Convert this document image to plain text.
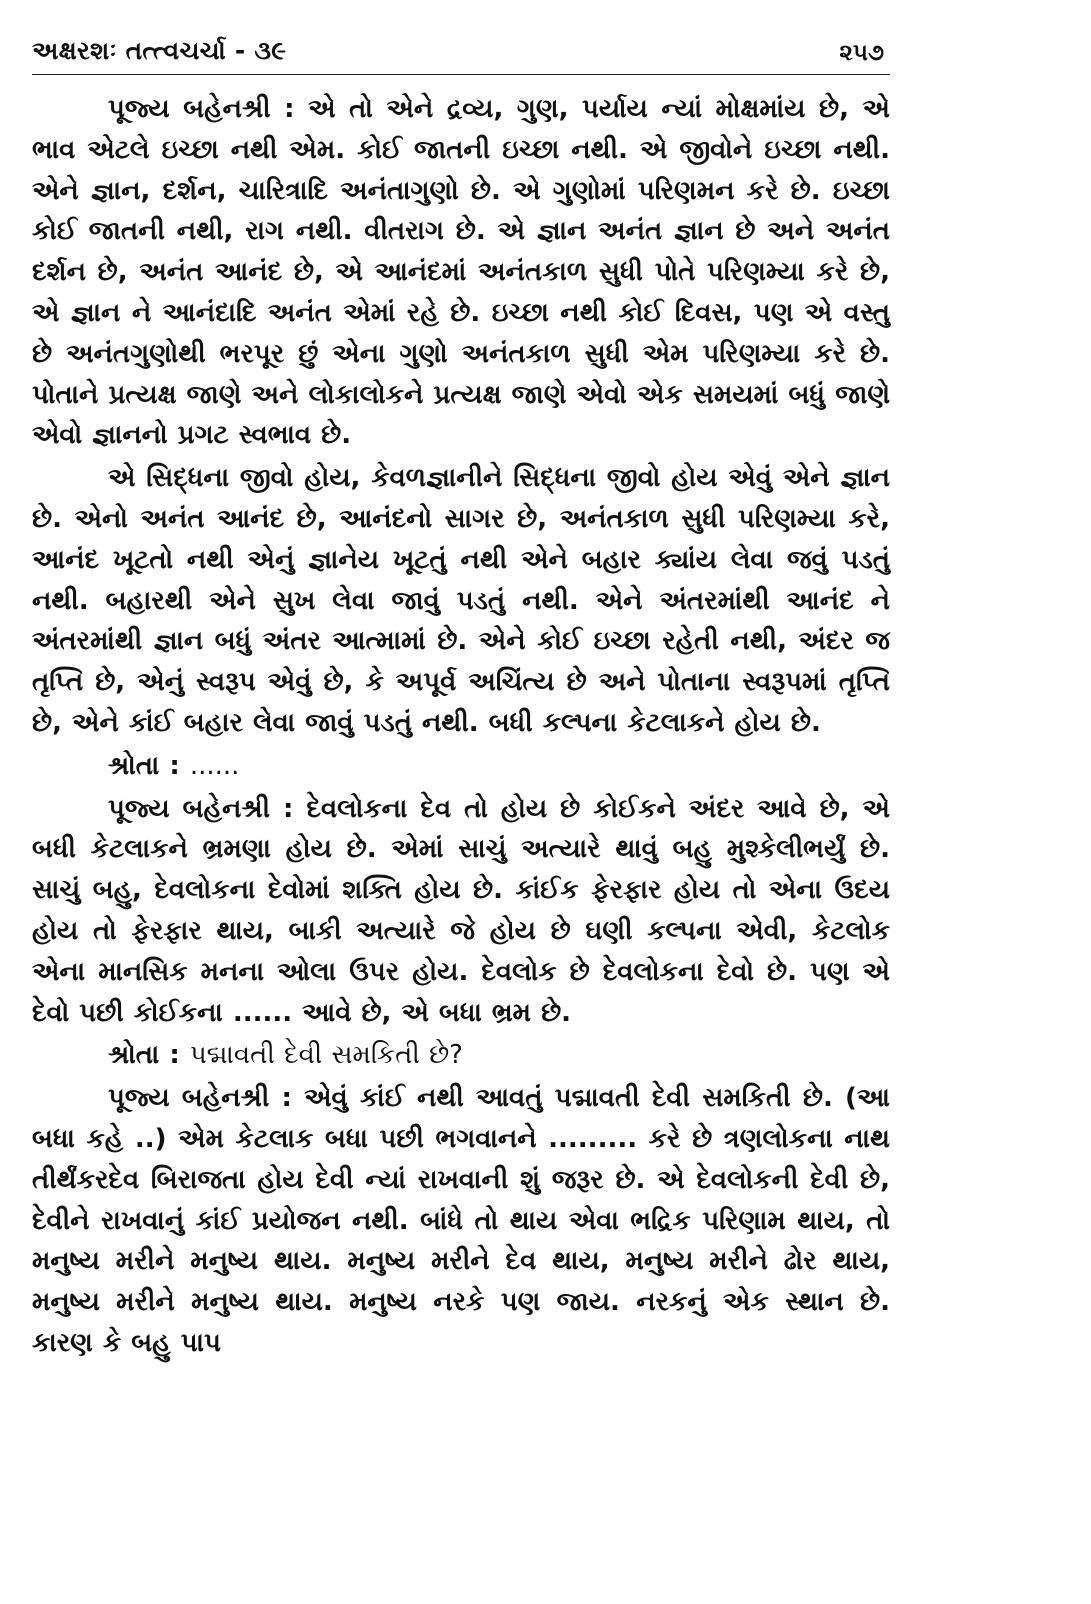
અક્ષરશઃ તત્ત્વચર્ચા - ૩૯	૨૫૭

પૂજ્ય બહેનશ્રી : એ તો એને દ્રવ્ય, ગુણ, પર્યાય ન્યાં મોક્ષમાંય છે, એ ભાવ એટલે ઇચ્છા નથી એમ. કોઈ જાતની ઇચ્છા નથી. એ જીવોને ઇચ્છા નથી. એને જ્ઞાન, દર્શન, ચારિત્રાદિ અનંતાગુણો છે. એ ગુણોમાં પરિણમન કરે છે. ઇચ્છા કોઈ જાતની નથી, રાગ નથી. વીતરાગ છે. એ જ્ઞાન અનંત જ્ઞાન છે અને અનંત દર્શન છે, અનંત આનંદ છે, એ આનંદમાં અનંતકાળ સુધી પોતે પરિણમ્યા કરે છે, એ જ્ઞાન ને આનંદાદિ અનંત એમાં રહે છે. ઇચ્છા નથી કોઈ દિવસ, પણ એ વસ્તુ છે અનંતગુણોથી ભરપૂર છું એના ગુણો અનંતકાળ સુધી એમ પરિણમ્યા કરે છે. પોતાને પ્રત્યક્ષ જાણે અને લોકાલોકને પ્રત્યક્ષ જાણે એવો એક સમયમાં બધું જાણે એવો જ્ઞાનનો પ્રગટ સ્વભાવ છે.

એ સિદ્ધના જીવો હોય, કેવળજ્ઞાનીને સિદ્ધના જીવો હોય એવું એને જ્ઞાન છે. એનો અનંત આનંદ છે, આનંદનો સાગર છે, અનંતકાળ સુધી પરિણમ્યા કરે, આનંદ ખૂટતો નથી એનું જ્ઞાનેય ખૂટતું નથી એને બહાર ક્યાંય લેવા જવું પડતું નથી. બહારથી એને સુખ લેવા જાવું પડતું નથી. એને અંતરમાંથી આનંદ ને અંતરમાંથી જ્ઞાન બધું અંતર આત્મામાં છે. એને કોઈ ઇચ્છા રહેતી નથી, અંદર જ તૃપ્તિ છે, એનું સ્વરૂપ એવું છે, કે અપૂર્વ અચિંત્ય છે અને પોતાના સ્વરૂપમાં તૃપ્તિ છે, એને કાંઈ બહાર લેવા જાવું પડતું નથી. બધી કલ્પના કેટલાકને હોય છે.

શ્રોતા : ......

પૂજ્ય બહેનશ્રી : દેવલોકના દેવ તો હોય છે કોઈકને અંદર આવે છે, એ બધી કેટલાકને ભ્રમણા હોય છે. એમાં સાચું અત્યારે થાવું બહુ મુશ્કેલીભર્યું છે. સાચું બહુ, દેવલોકના દેવોમાં શક્તિ હોય છે. કાંઈક ફેરફાર હોય તો એના ઉદય હોય તો ફેરફાર થાય, બાકી અત્યારે જે હોય છે ઘણી કલ્પના એવી, કેટલોક એના માનસિક મનના ઓલા ઉપર હોય. દેવલોક છે દેવલોકના દેવો છે. પણ એ દેવો પછી કોઈકના ...... આવે છે, એ બધા ભ્રમ છે.

શ્રોતા : પદ્માવતી દેવી સમકિતી છે?

પૂજ્ય બહેનશ્રી : એવું કાંઈ નથી આવતું પદ્માવતી દેવી સમકિતી છે. (આ બધા કહે ..) એમ કેટલાક બધા પછી ભગવાનને ......... કરે છે ત્રણલોકના નાથ તીર્થંકરદેવ બિરાજતા હોય દેવી ન્યાં રાખવાની શું જરૂર છે. એ દેવલોકની દેવી છે, દેવીને રાખવાનું કાંઈ પ્રયોજન નથી. બાંધે તો થાય એવા ભદ્રિક પરિણામ થાય, તો મનુષ્ય મરીને મનુષ્ય થાય. મનુષ્ય મરીને દેવ થાય, મનુષ્ય મરીને ઢોર થાય, મનુષ્ય મરીને મનુષ્ય થાય. મનુષ્ય નરકે પણ જાય. નરકનું એક સ્થાન છે. કારણ કે બહુ પાપ
